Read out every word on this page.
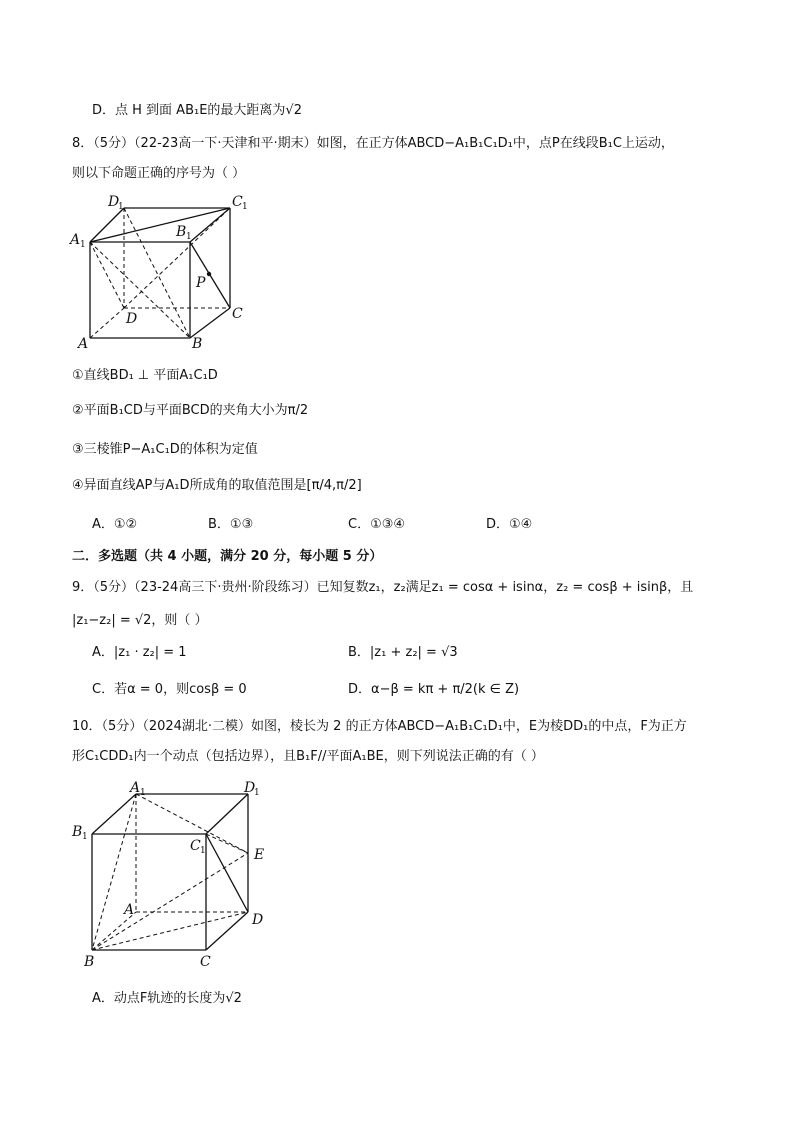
D．点 H 到面 AB₁E的最大距离为√2
8．（5分）（22-23高一下·天津和平·期末）如图，在正方体ABCD−A₁B₁C₁D₁中，点P在线段B₁C上运动，
则以下命题正确的序号为（ ）
D
1	C 1
A 1
B 1
P
D	C
A	B
①直线BD₁ ⊥ 平面A₁C₁D
②平面B₁CD与平面BCD的夹角大小为π/2
③三棱锥P−A₁C₁D的体积为定值
④异面直线AP与A₁D所成角的取值范围是[π/4,π/2]
A．①②	B．①③	C．①③④	D．①④
二．多选题（共 4 小题，满分 20 分，每小题 5 分）
9．（5分）（23-24高三下·贵州·阶段练习）已知复数z₁，z₂满足z₁ = cosα + isinα，z₂ = cosβ + isinβ，且
|z₁−z₂| = √2，则（ ）
A．|z₁ · z₂| = 1	B．|z₁ + z₂| = √3
C．若α = 0，则cosβ = 0	D．α−β = kπ + π/2(k ∈ Z)
10．（5分）（2024湖北·二模）如图，棱长为 2 的正方体ABCD−A₁B₁C₁D₁中，E为棱DD₁的中点，F为正方
形C₁CDD₁内一个动点（包括边界），且B₁F//平面A₁BE，则下列说法正确的有（ ）
A 1	D
1
B 1
C 1	E
A
D
B	C
A．动点F轨迹的长度为√2
